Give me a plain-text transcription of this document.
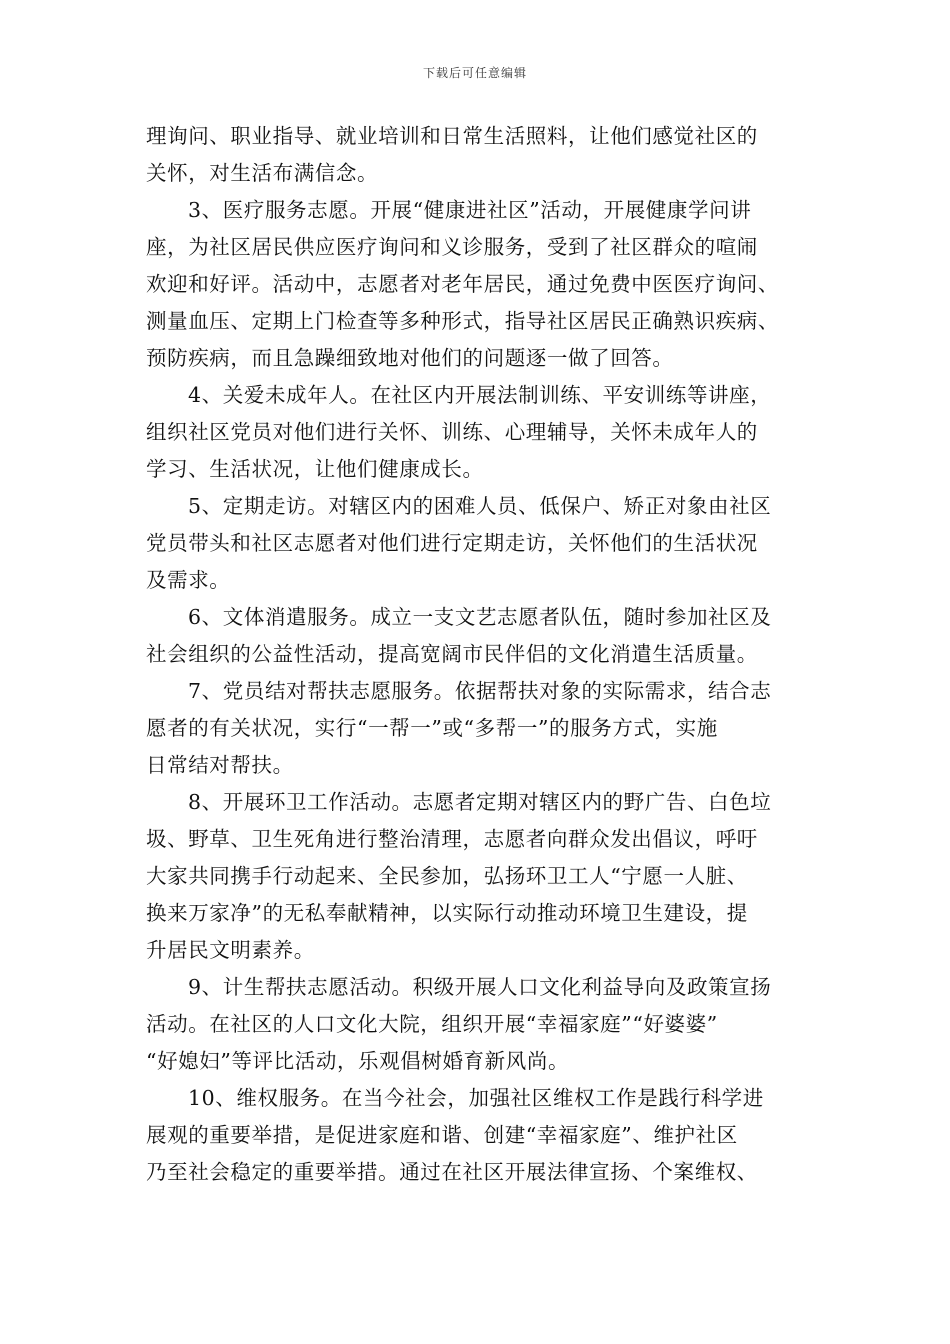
下载后可任意编辑
理询问、职业指导、就业培训和日常生活照料，让他们感觉社区的
关怀，对生活布满信念。
3、医疗服务志愿。开展“健康进社区”活动，开展健康学问讲
座，为社区居民供应医疗询问和义诊服务，受到了社区群众的喧闹
欢迎和好评。活动中，志愿者对老年居民，通过免费中医医疗询问、
测量血压、定期上门检查等多种形式，指导社区居民正确熟识疾病、
预防疾病，而且急躁细致地对他们的问题逐一做了回答。
4、关爱未成年人。在社区内开展法制训练、平安训练等讲座，
组织社区党员对他们进行关怀、训练、心理辅导，关怀未成年人的
学习、生活状况，让他们健康成长。
5、定期走访。对辖区内的困难人员、低保户、矫正对象由社区
党员带头和社区志愿者对他们进行定期走访，关怀他们的生活状况
及需求。
6、文体消遣服务。成立一支文艺志愿者队伍，随时参加社区及
社会组织的公益性活动，提高宽阔市民伴侣的文化消遣生活质量。
7、党员结对帮扶志愿服务。依据帮扶对象的实际需求，结合志
愿者的有关状况，实行“一帮一”或“多帮一”的服务方式，实施
日常结对帮扶。
8、开展环卫工作活动。志愿者定期对辖区内的野广告、白色垃
圾、野草、卫生死角进行整治清理，志愿者向群众发出倡议，呼吁
大家共同携手行动起来、全民参加，弘扬环卫工人“宁愿一人脏、
换来万家净”的无私奉献精神，以实际行动推动环境卫生建设，提
升居民文明素养。
9、计生帮扶志愿活动。积级开展人口文化利益导向及政策宣扬
活动。在社区的人口文化大院，组织开展“幸福家庭”“好婆婆”
“好媳妇”等评比活动，乐观倡树婚育新风尚。
10、维权服务。在当今社会，加强社区维权工作是践行科学进
展观的重要举措，是促进家庭和谐、创建“幸福家庭”、维护社区
乃至社会稳定的重要举措。通过在社区开展法律宣扬、个案维权、
